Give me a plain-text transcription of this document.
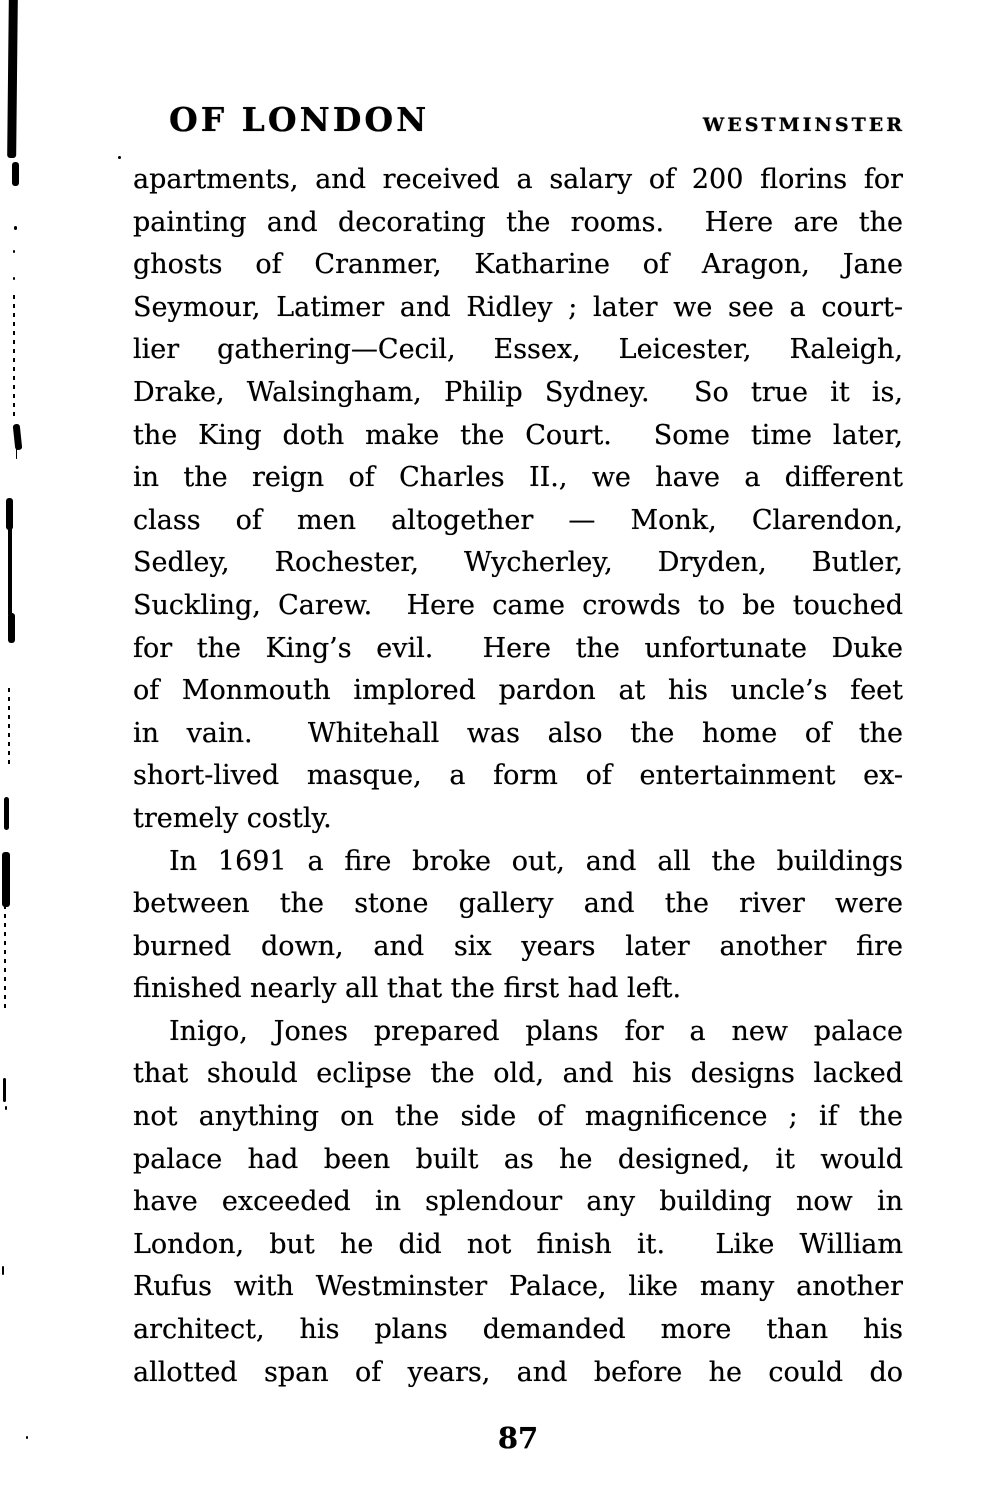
OF LONDON	WESTMINSTER
apartments, and received a salary of 200 florins for
painting and decorating the rooms.  Here are the
ghosts of Cranmer, Katharine of Aragon, Jane
Seymour, Latimer and Ridley ; later we see a court-
lier gathering—Cecil, Essex, Leicester, Raleigh,
Drake, Walsingham, Philip Sydney.  So true it is,
the King doth make the Court.  Some time later,
in the reign of Charles II., we have a different
class of men altogether — Monk, Clarendon,
Sedley, Rochester, Wycherley, Dryden, Butler,
Suckling, Carew.  Here came crowds to be touched
for the King’s evil.  Here the unfortunate Duke
of Monmouth implored pardon at his uncle’s feet
in vain.  Whitehall was also the home of the
short-lived masque, a form of entertainment ex-
tremely costly.
In 1691 a fire broke out, and all the buildings
between the stone gallery and the river were
burned down, and six years later another fire
finished nearly all that the first had left.
Inigo, Jones prepared plans for a new palace
that should eclipse the old, and his designs lacked
not anything on the side of magnificence ; if the
palace had been built as he designed, it would
have exceeded in splendour any building now in
London, but he did not finish it.  Like William
Rufus with Westminster Palace, like many another
architect, his plans demanded more than his
allotted span of years, and before he could do
87
